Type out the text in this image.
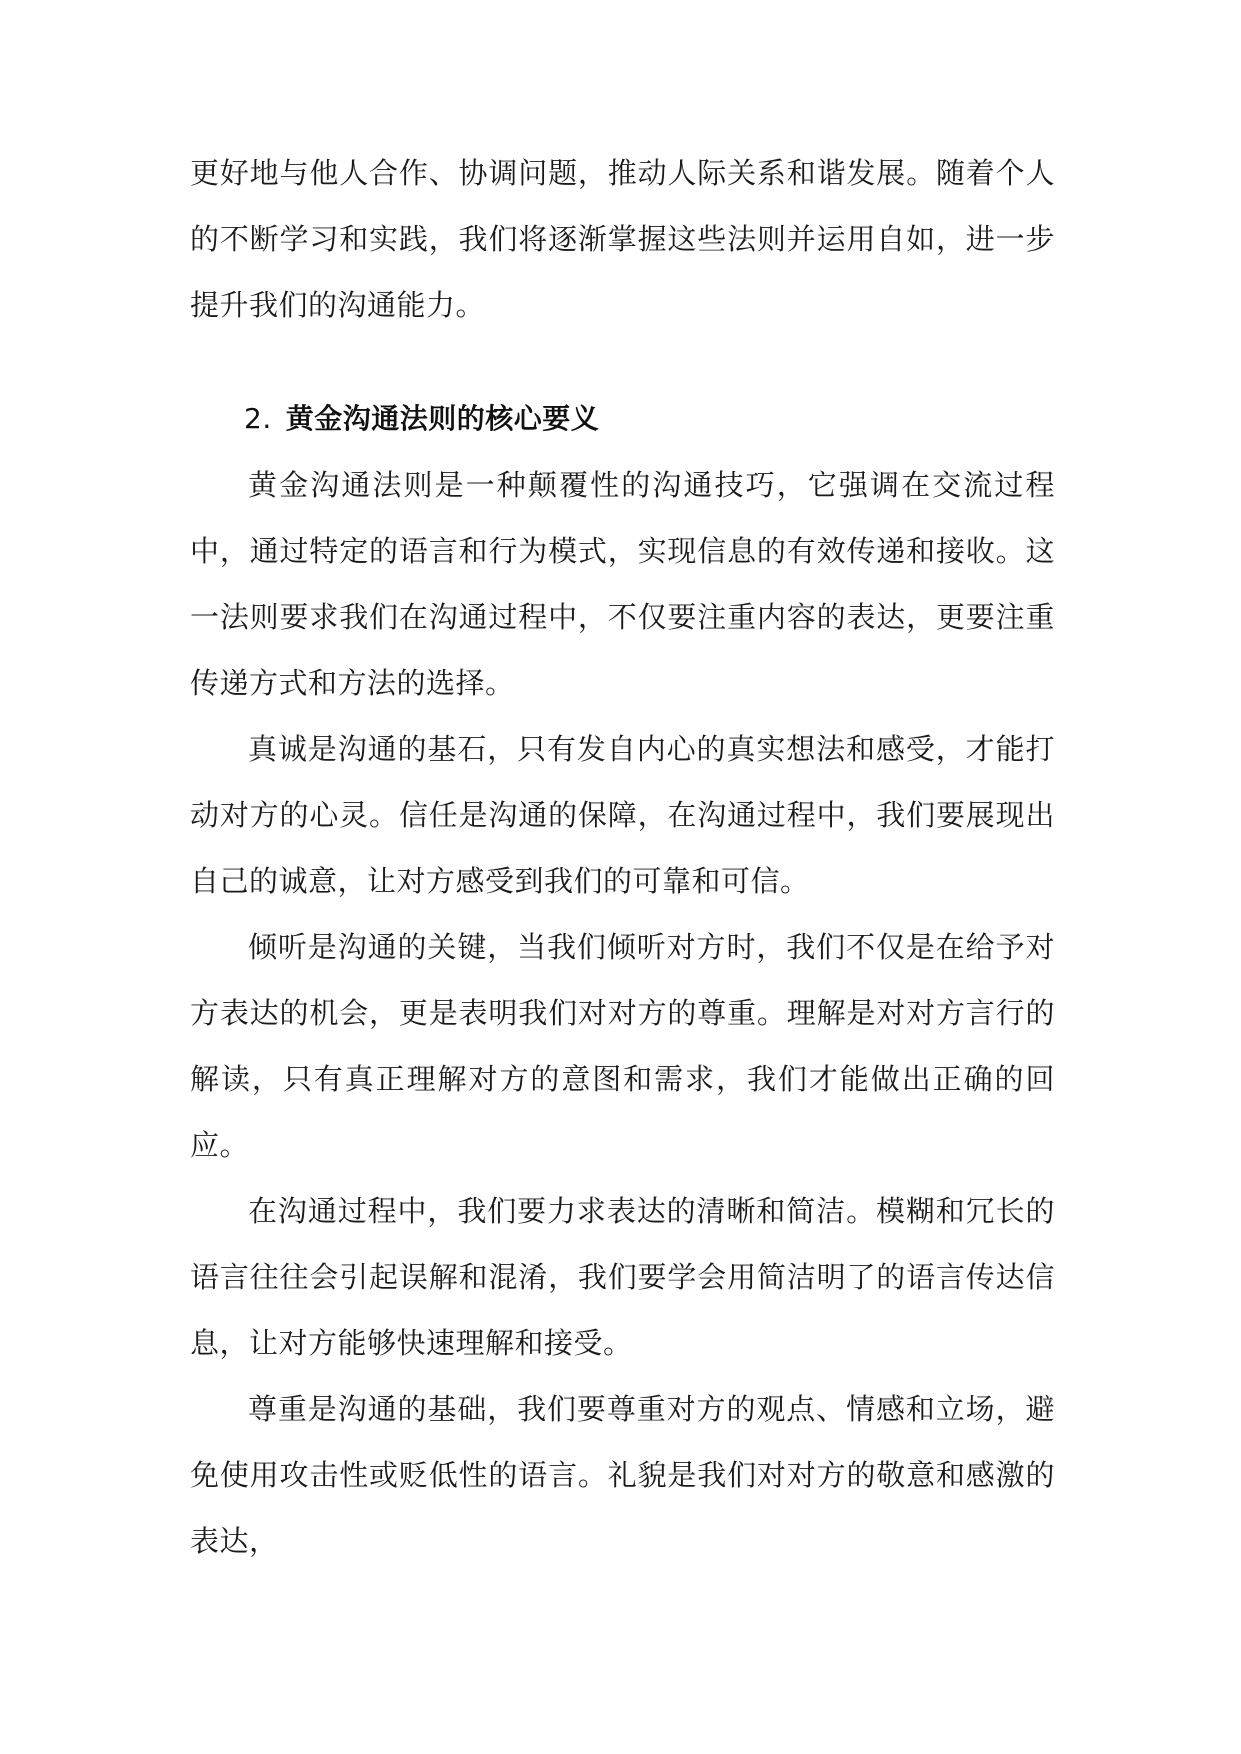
更好地与他人合作、协调问题，推动人际关系和谐发展。随着个人的不断学习和实践，我们将逐渐掌握这些法则并运用自如，进一步提升我们的沟通能力。

2. 黄金沟通法则的核心要义

黄金沟通法则是一种颠覆性的沟通技巧，它强调在交流过程中，通过特定的语言和行为模式，实现信息的有效传递和接收。这一法则要求我们在沟通过程中，不仅要注重内容的表达，更要注重传递方式和方法的选择。

真诚是沟通的基石，只有发自内心的真实想法和感受，才能打动对方的心灵。信任是沟通的保障，在沟通过程中，我们要展现出自己的诚意，让对方感受到我们的可靠和可信。

倾听是沟通的关键，当我们倾听对方时，我们不仅是在给予对方表达的机会，更是表明我们对对方的尊重。理解是对对方言行的解读，只有真正理解对方的意图和需求，我们才能做出正确的回应。

在沟通过程中，我们要力求表达的清晰和简洁。模糊和冗长的语言往往会引起误解和混淆，我们要学会用简洁明了的语言传达信息，让对方能够快速理解和接受。

尊重是沟通的基础，我们要尊重对方的观点、情感和立场，避免使用攻击性或贬低性的语言。礼貌是我们对对方的敬意和感激的表达，
